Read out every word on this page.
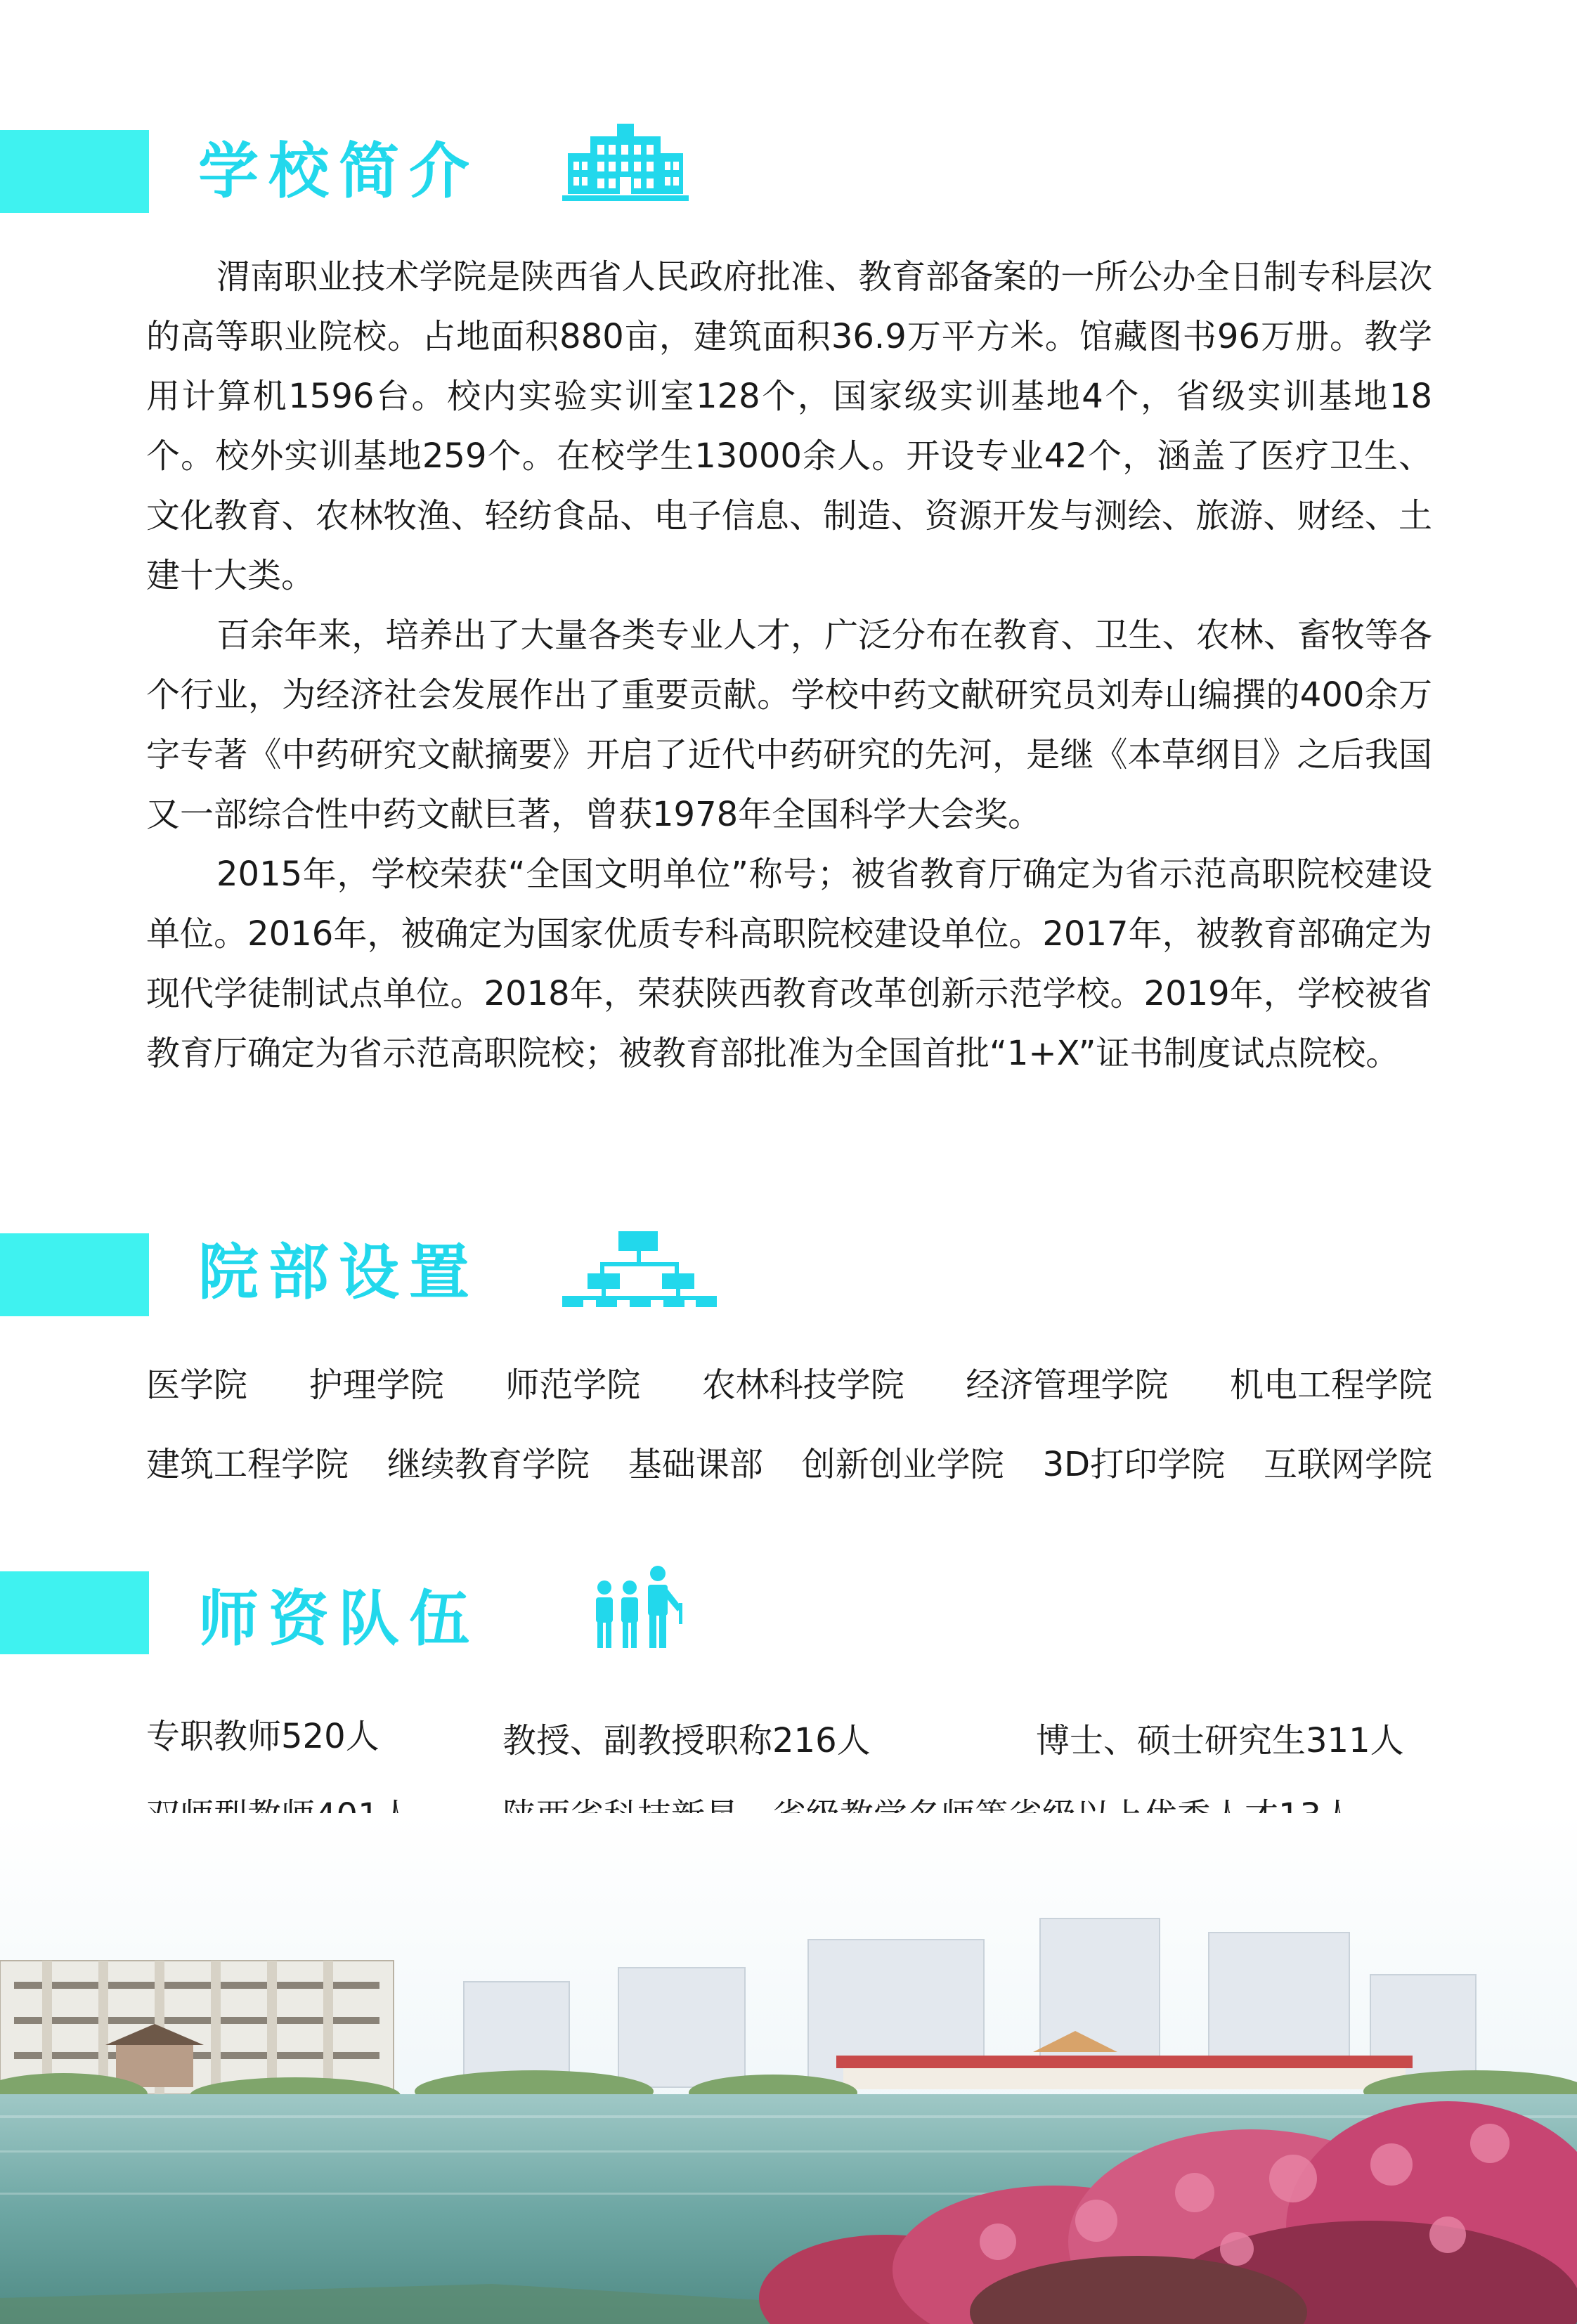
学校简介

渭南职业技术学院是陕西省人民政府批准、教育部备案的一所公办全日制专科层次的高等职业院校。占地面积880亩，建筑面积36.9万平方米。馆藏图书96万册。教学用计算机1596台。校内实验实训室128个，国家级实训基地4个，省级实训基地18个。校外实训基地259个。在校学生13000余人。开设专业42个，涵盖了医疗卫生、文化教育、农林牧渔、轻纺食品、电子信息、制造、资源开发与测绘、旅游、财经、土建十大类。

百余年来，培养出了大量各类专业人才，广泛分布在教育、卫生、农林、畜牧等各个行业，为经济社会发展作出了重要贡献。学校中药文献研究员刘寿山编撰的400余万字专著《中药研究文献摘要》开启了近代中药研究的先河，是继《本草纲目》之后我国又一部综合性中药文献巨著，曾获1978年全国科学大会奖。

2015年，学校荣获“全国文明单位”称号；被省教育厅确定为省示范高职院校建设单位。2016年，被确定为国家优质专科高职院校建设单位。2017年，被教育部确定为现代学徒制试点单位。2018年，荣获陕西教育改革创新示范学校。2019年，学校被省教育厅确定为省示范高职院校；被教育部批准为全国首批“1+X”证书制度试点院校。

院部设置
医学院 护理学院 师范学院 农林科技学院 经济管理学院 机电工程学院
建筑工程学院 继续教育学院 基础课部 创新创业学院 3D打印学院 互联网学院
师资队伍
专职教师520人	教授、副教授职称216人	博士、硕士研究生311人
